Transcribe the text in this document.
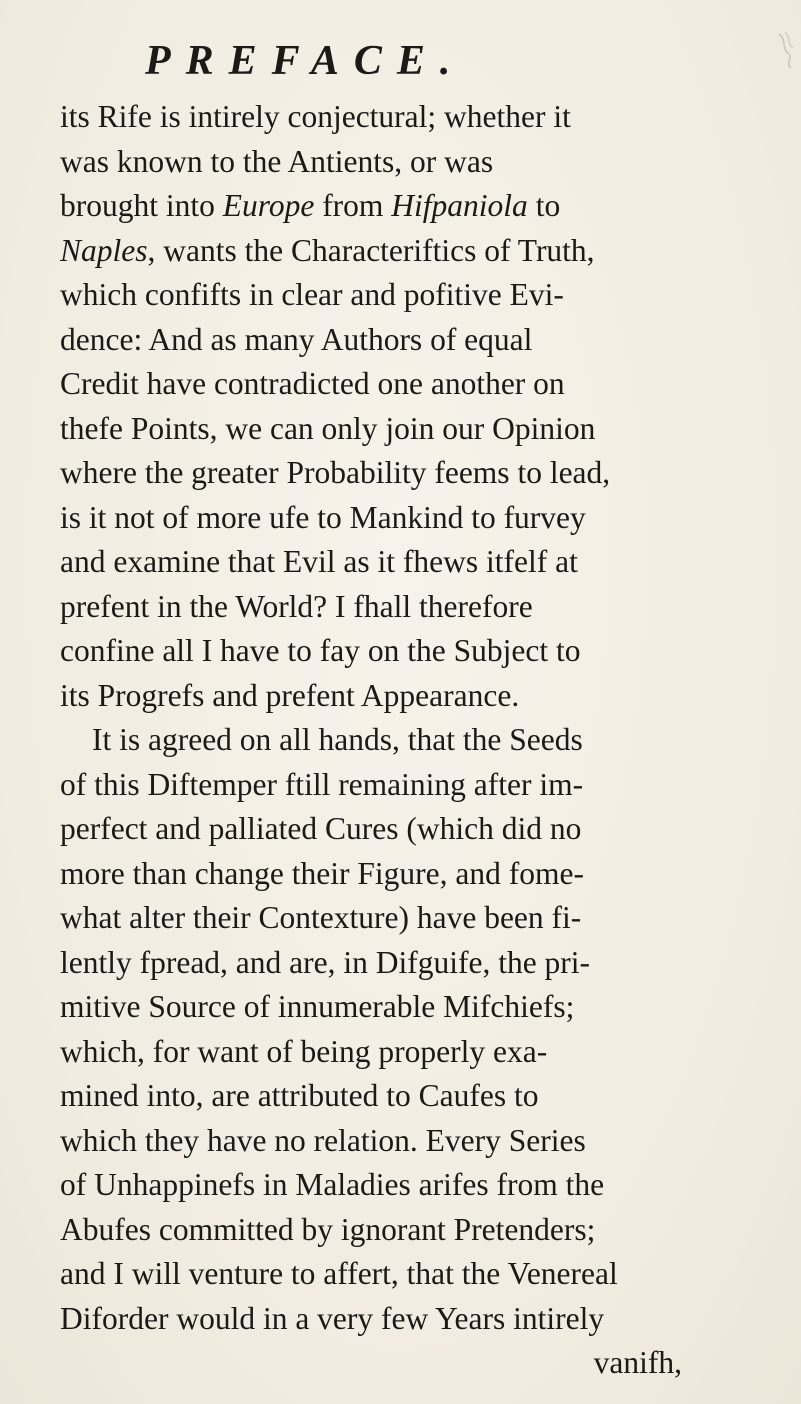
PREFACE.
its Rife is intirely conjectural; whether it
was known to the Antients, or was
brought into Europe from Hifpaniola to
Naples, wants the Characteriftics of Truth,
which confifts in clear and pofitive Evi-
dence: And as many Authors of equal
Credit have contradicted one another on
thefe Points, we can only join our Opinion
where the greater Probability feems to lead,
is it not of more ufe to Mankind to furvey
and examine that Evil as it fhews itfelf at
prefent in the World? I fhall therefore
confine all I have to fay on the Subject to
its Progrefs and prefent Appearance.
It is agreed on all hands, that the Seeds
of this Diftemper ftill remaining after im-
perfect and palliated Cures (which did no
more than change their Figure, and fome-
what alter their Contexture) have been fi-
lently fpread, and are, in Difguife, the pri-
mitive Source of innumerable Mifchiefs;
which, for want of being properly exa-
mined into, are attributed to Caufes to
which they have no relation. Every Series
of Unhappinefs in Maladies arifes from the
Abufes committed by ignorant Pretenders;
and I will venture to affert, that the Venereal
Diforder would in a very few Years intirely
vanifh,
